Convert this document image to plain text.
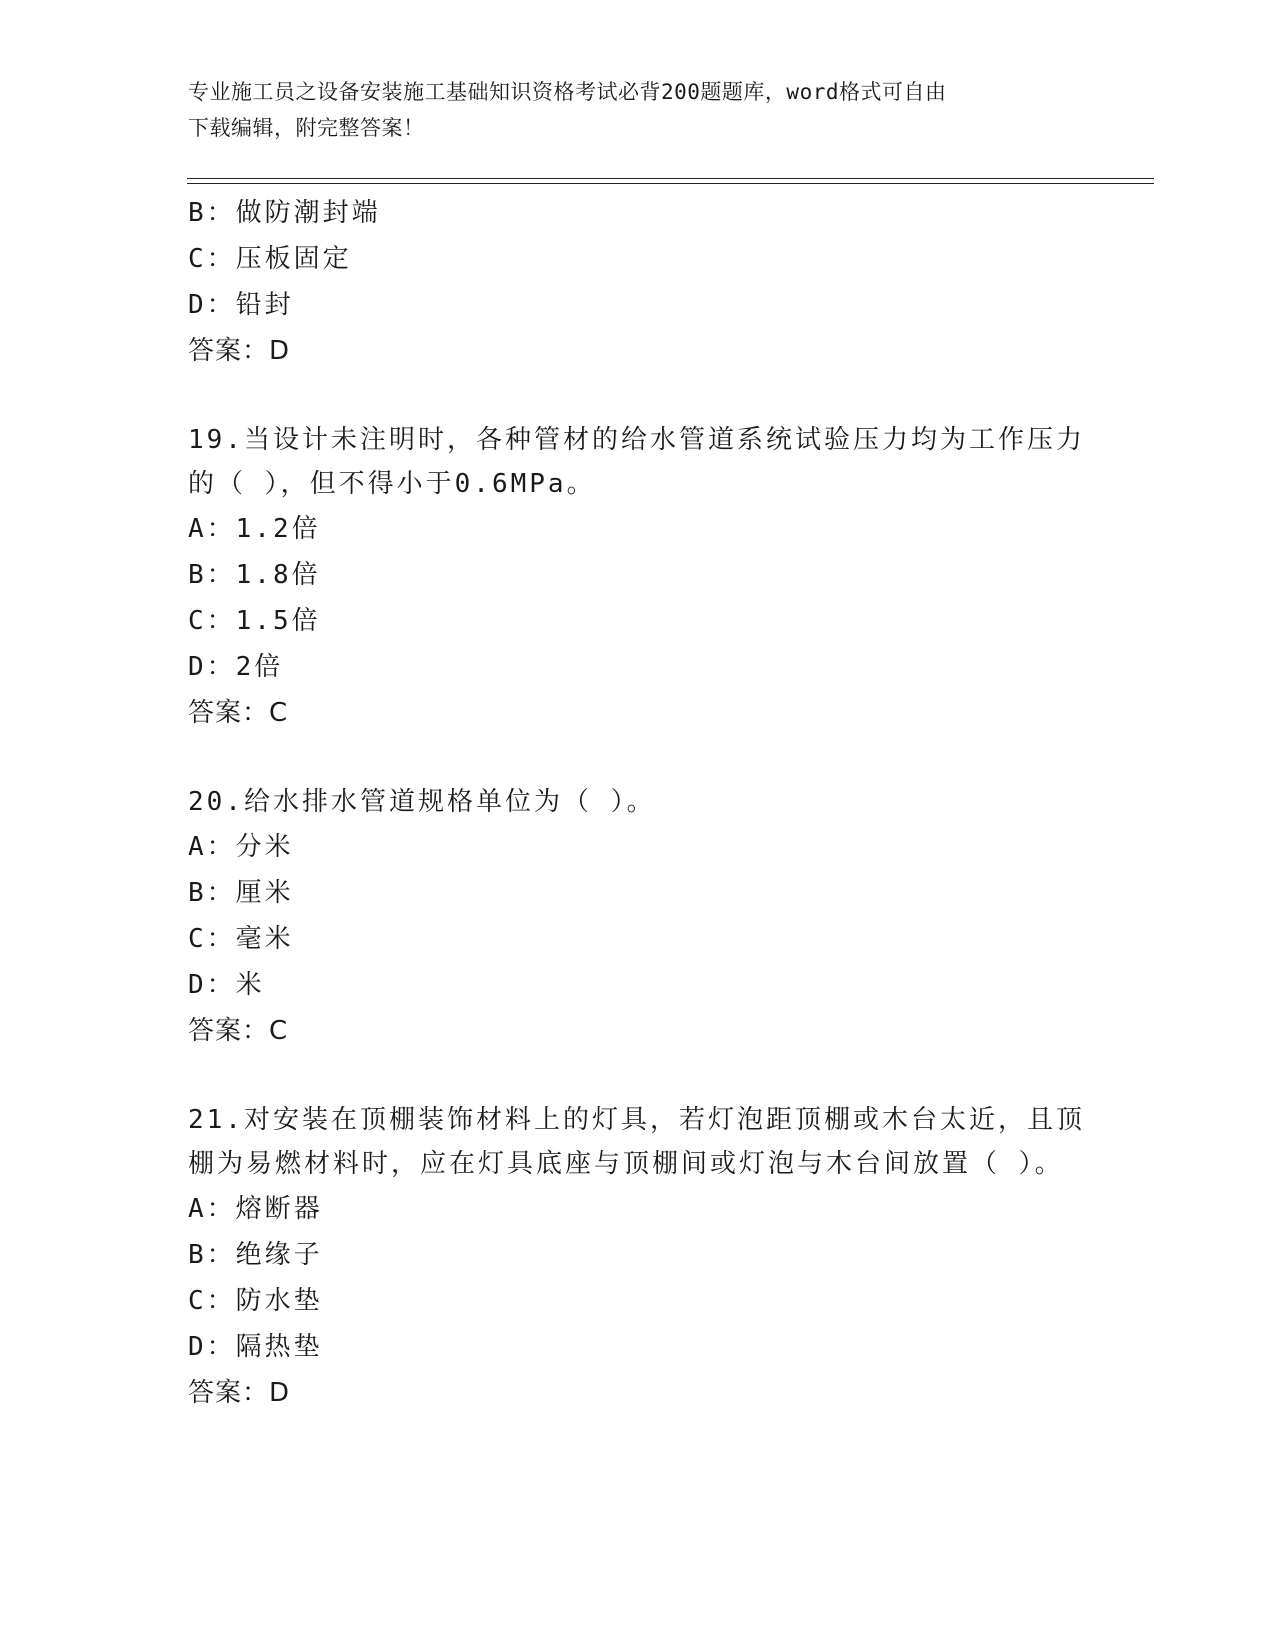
专业施工员之设备安装施工基础知识资格考试必背200题题库，word格式可自由
下载编辑，附完整答案！
B：做防潮封端
C：压板固定
D：铅封
答案：D
19.当设计未注明时，各种管材的给水管道系统试验压力均为工作压力
的（ ），但不得小于0.6MPa。
A：1.2倍
B：1.8倍
C：1.5倍
D：2倍
答案：C
20.给水排水管道规格单位为（ ）。
A：分米
B：厘米
C：毫米
D：米
答案：C
21.对安装在顶棚装饰材料上的灯具，若灯泡距顶棚或木台太近，且顶
棚为易燃材料时，应在灯具底座与顶棚间或灯泡与木台间放置（ ）。
A：熔断器
B：绝缘子
C：防水垫
D：隔热垫
答案：D
